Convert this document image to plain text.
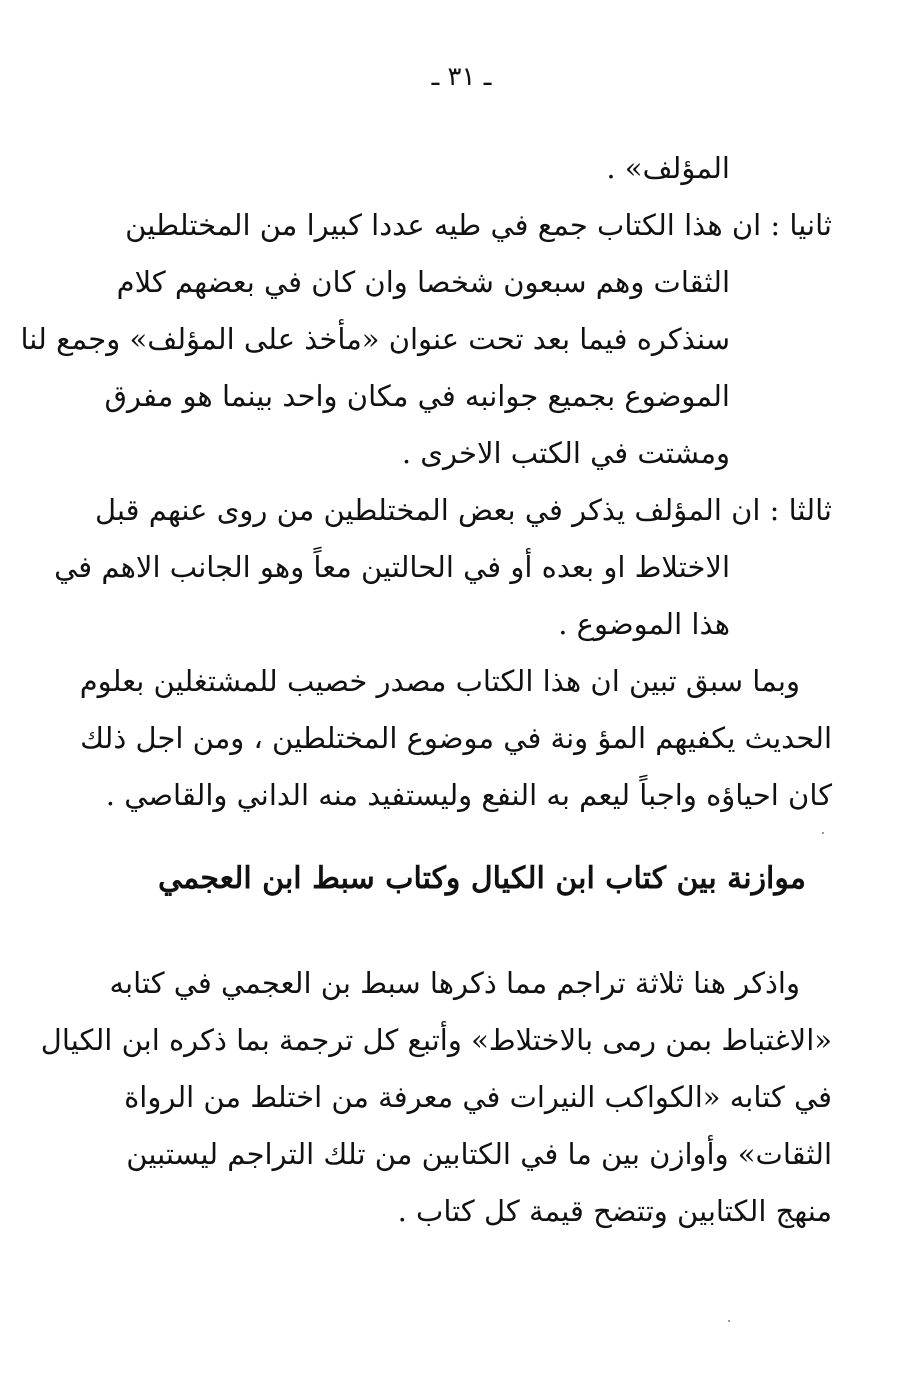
ـ ٣١ ـ
المؤلف» .
ثانيا : ان هذا الكتاب جمع في طيه عددا كبيرا من المختلطين
الثقات وهم سبعون شخصا وان كان في بعضهم كلام
سنذكره فيما بعد تحت عنوان «مأخذ على المؤلف» وجمع لنا
الموضوع بجميع جوانبه في مكان واحد بينما هو مفرق
ومشتت في الكتب الاخرى .
ثالثا : ان المؤلف يذكر في بعض المختلطين من روى عنهم قبل
الاختلاط او بعده أو في الحالتين معاً وهو الجانب الاهم في
هذا الموضوع .
وبما سبق تبين ان هذا الكتاب مصدر خصيب للمشتغلين بعلوم
الحديث يكفيهم المؤ ونة في موضوع المختلطين ، ومن اجل ذلك
كان احياؤه واجباً ليعم به النفع وليستفيد منه الداني والقاصي .
موازنة بين كتاب ابن الكيال وكتاب سبط ابن العجمي
واذكر هنا ثلاثة تراجم مما ذكرها سبط بن العجمي في كتابه
«الاغتباط بمن رمى بالاختلاط» وأتبع كل ترجمة بما ذكره ابن الكيال
في كتابه «الكواكب النيرات في معرفة من اختلط من الرواة
الثقات» وأوازن بين ما في الكتابين من تلك التراجم ليستبين
منهج الكتابين وتتضح قيمة كل كتاب .
